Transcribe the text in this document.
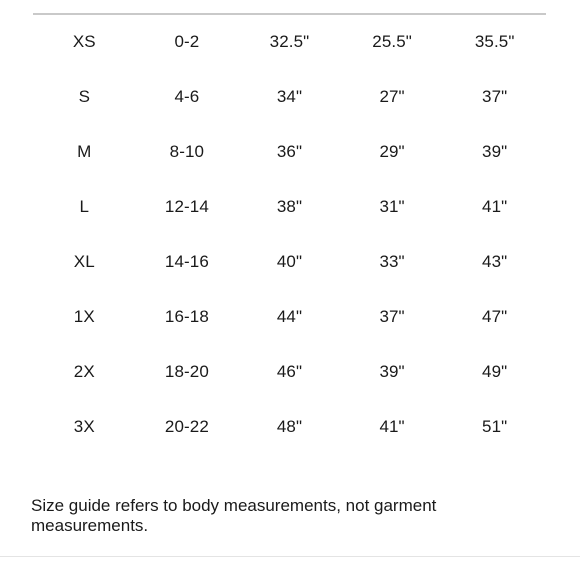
XS	0-2	32.5"	25.5"	35.5"
S	4-6	34"	27"	37"
M	8-10	36"	29"	39"
L	12-14	38"	31"	41"
XL	14-16	40"	33"	43"
1X	16-18	44"	37"	47"
2X	18-20	46"	39"	49"
3X	20-22	48"	41"	51"

Size guide refers to body measurements, not garment measurements.
